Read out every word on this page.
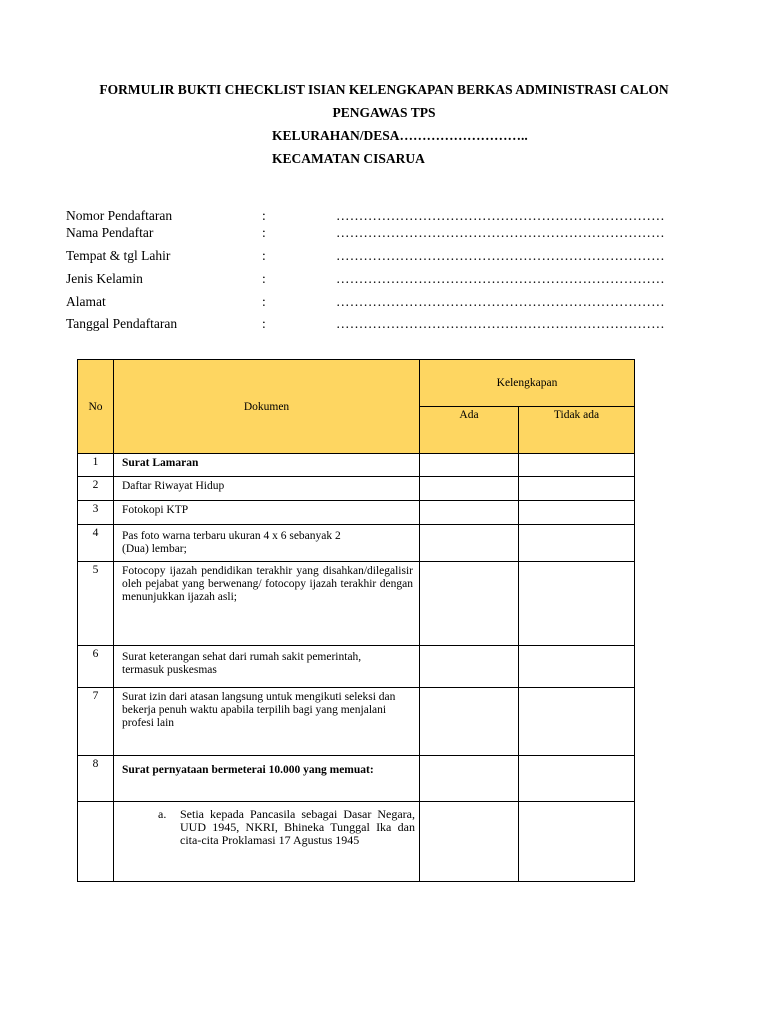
FORMULIR BUKTI CHECKLIST ISIAN KELENGKAPAN BERKAS ADMINISTRASI CALON
PENGAWAS TPS
KELURAHAN/DESA………………………..
KECAMATAN CISARUA
Nomor Pendaftaran	:	………………………………………………………………
Nama Pendaftar	:	………………………………………………………………
Tempat & tgl Lahir	:	………………………………………………………………
Jenis Kelamin	:	………………………………………………………………
Alamat	:	………………………………………………………………
Tanggal Pendaftaran	:	………………………………………………………………
No	Dokumen	Kelengkapan	
		Ada	Tidak ada

1	Surat Lamaran		

2	Daftar Riwayat Hidup		

3	Fotokopi KTP		

4	Pas foto warna terbaru ukuran 4 x 6 sebanyak 2 (Dua) lembar;		

5	Fotocopy ijazah pendidikan terakhir yang disahkan/dilegalisir oleh pejabat yang berwenang/ fotocopy ijazah terakhir dengan menunjukkan ijazah asli;		

6	Surat keterangan sehat dari rumah sakit pemerintah, termasuk puskesmas		

7	Surat izin dari atasan langsung untuk mengikuti seleksi dan bekerja penuh waktu apabila terpilih bagi yang menjalani profesi lain		

8	Surat pernyataan bermeterai 10.000 yang memuat:		

	a. Setia kepada Pancasila sebagai Dasar Negara, UUD 1945, NKRI, Bhineka Tunggal Ika dan cita-cita Proklamasi 17 Agustus 1945		
